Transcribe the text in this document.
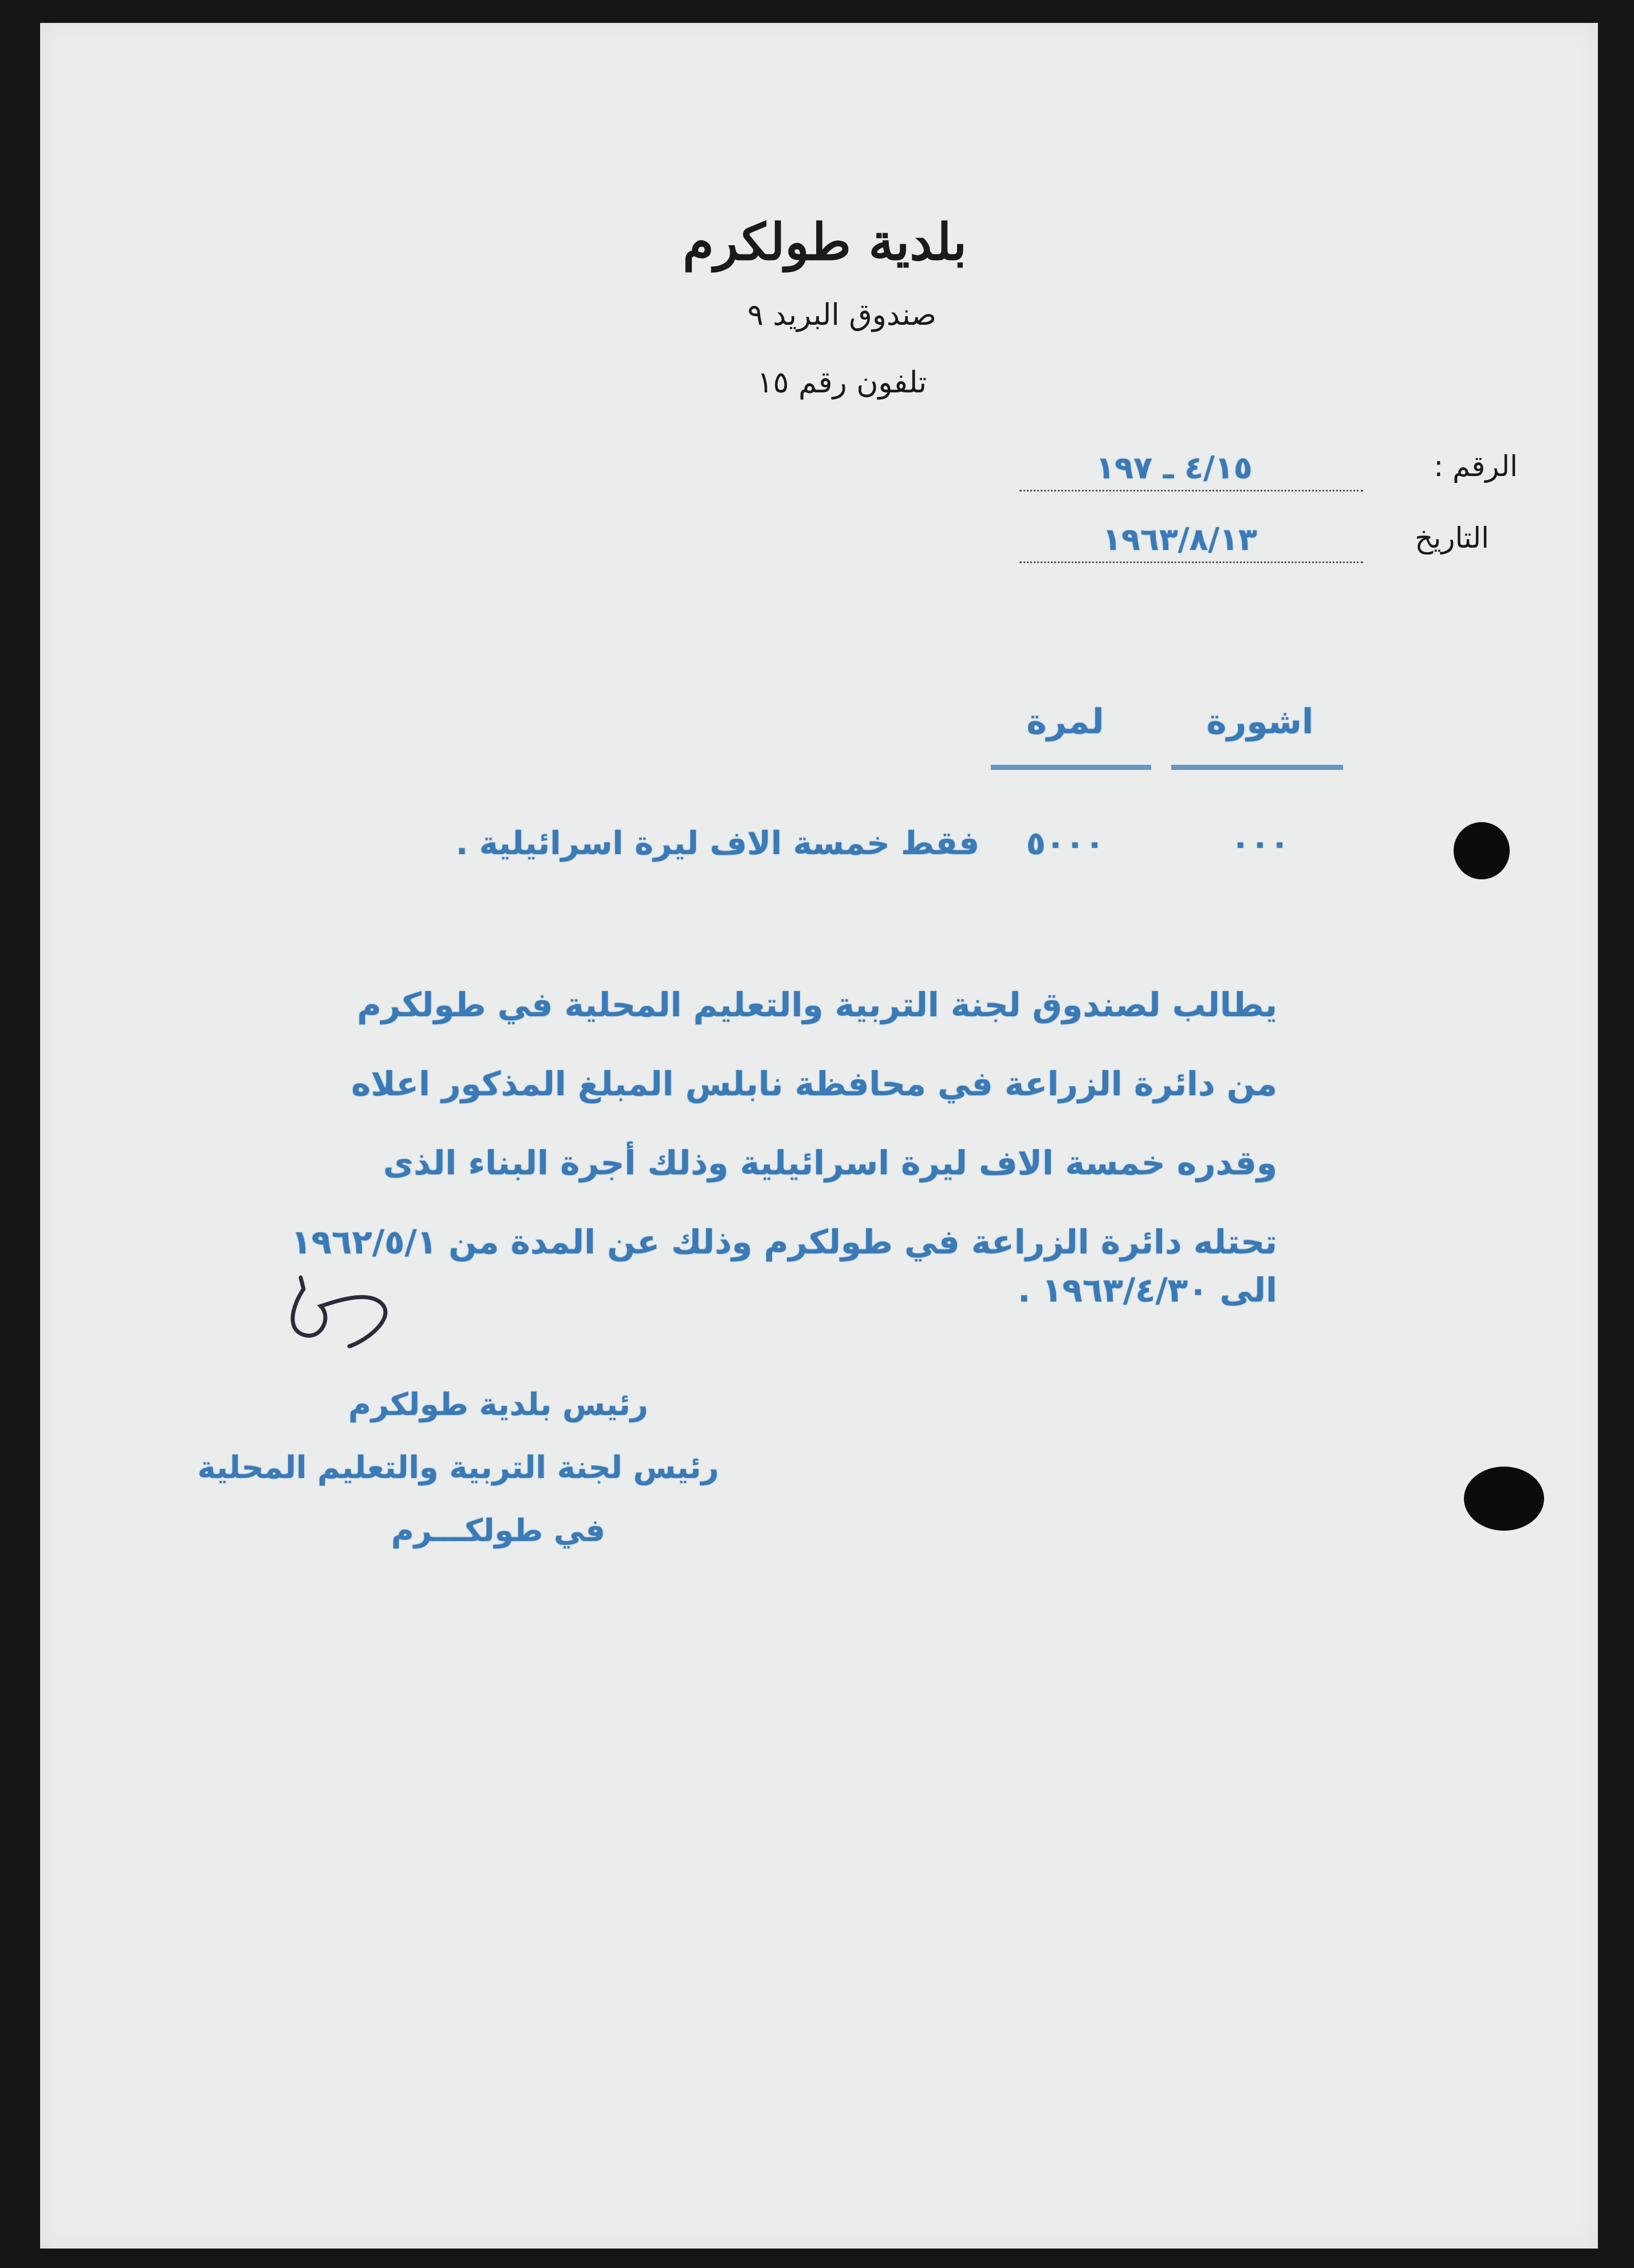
بلدية طولكرم
صندوق البريد ٩
تلفون رقم ١٥
الرقم :
٤/١٥ ـ ١٩٧
التاريخ
١٩٦٣/٨/١٣
اشورة
لمرة
٠٠٠
٥٠٠٠
فقط خمسة الاف ليرة اسرائيلية .
يطالب لصندوق لجنة التربية والتعليم المحلية في طولكرم
من دائرة الزراعة في محافظة نابلس المبلغ المذكور اعلاه
وقدره خمسة الاف ليرة اسرائيلية وذلك أجرة البناء الذى
تحتله دائرة الزراعة في طولكرم وذلك عن المدة من ١٩٦٢/٥/١
الى ١٩٦٣/٤/٣٠ .
رئيس بلدية طولكرم
رئيس لجنة التربية والتعليم المحلية
في طولكـــرم
